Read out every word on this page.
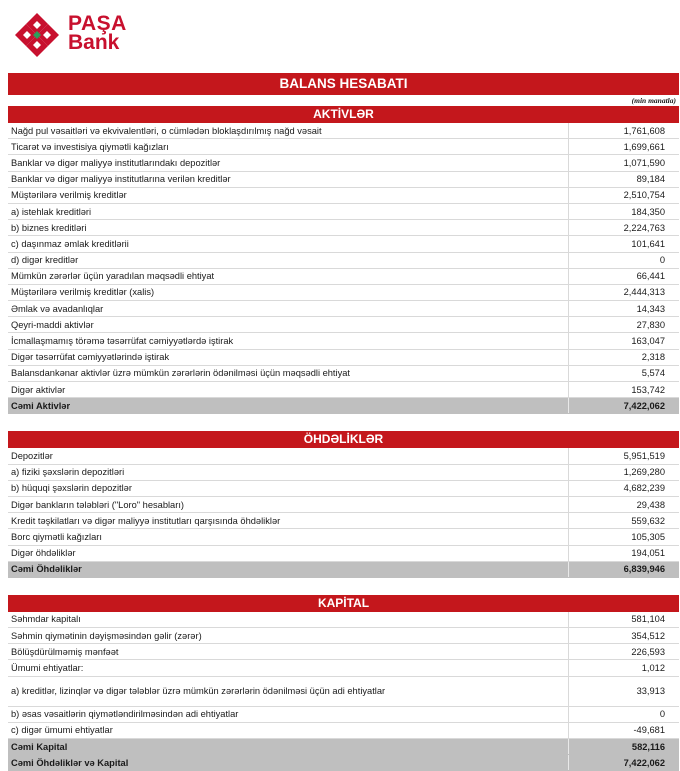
PAŞA
Bank
BALANS HESABATI
(min manatla)
AKTİVLƏR
Nağd pul vəsaitləri və ekvivalentləri, o cümlədən bloklaşdırılmış nağd vəsait	1,761,608
Ticarət və investisiya qiymətli kağızları	1,699,661
Banklar və digər maliyyə institutlarındakı depozitlər	1,071,590
Banklar və digər maliyyə institutlarına verilən kreditlər	89,184
Müştərilərə verilmiş kreditlər	2,510,754
a) istehlak kreditləri	184,350
b) biznes kreditləri	2,224,763
c) daşınmaz əmlak kreditlərii	101,641
d) digər kreditlər	0
Mümkün zərərlər üçün yaradılan məqsədli ehtiyat	66,441
Müştərilərə verilmiş kreditlər (xalis)	2,444,313
Əmlak və avadanlıqlar	14,343
Qeyri-maddi aktivlər	27,830
İcmallaşmamış törəmə təsərrüfat cəmiyyətlərdə iştirak	163,047
Digər təsərrüfat cəmiyyətlərində iştirak	2,318
Balansdankənar aktivlər üzrə mümkün zərərlərin ödənilməsi üçün məqsədli ehtiyat	5,574
Digər aktivlər	153,742
Cəmi Aktivlər	7,422,062
ÖHDƏLİKLƏR
Depozitlər	5,951,519
a) fiziki şəxslərin depozitləri	1,269,280
b) hüquqi şəxslərin depozitlər	4,682,239
Digər bankların tələbləri ("Loro" hesabları)	29,438
Kredit təşkilatları və digər maliyyə institutları qarşısında öhdəliklər	559,632
Borc qiymətli kağızları	105,305
Digər öhdəliklər	194,051
Cəmi Öhdəliklər	6,839,946
KAPİTAL
Səhmdar kapitalı	581,104
Səhmin qiymətinin dəyişməsindən gəlir (zərər)	354,512
Bölüşdürülməmiş mənfəət	226,593
Ümumi ehtiyatlar:	1,012
a) kreditlər, lizinqlər və digər tələblər üzrə mümkün zərərlərin ödənilməsi üçün adi ehtiyatlar	33,913
b) əsas vəsaitlərin qiymətləndirilməsindən adi ehtiyatlar	0
c) digər ümumi ehtiyatlar	-49,681
Cəmi Kapital	582,116
Cəmi Öhdəliklər və Kapital	7,422,062
